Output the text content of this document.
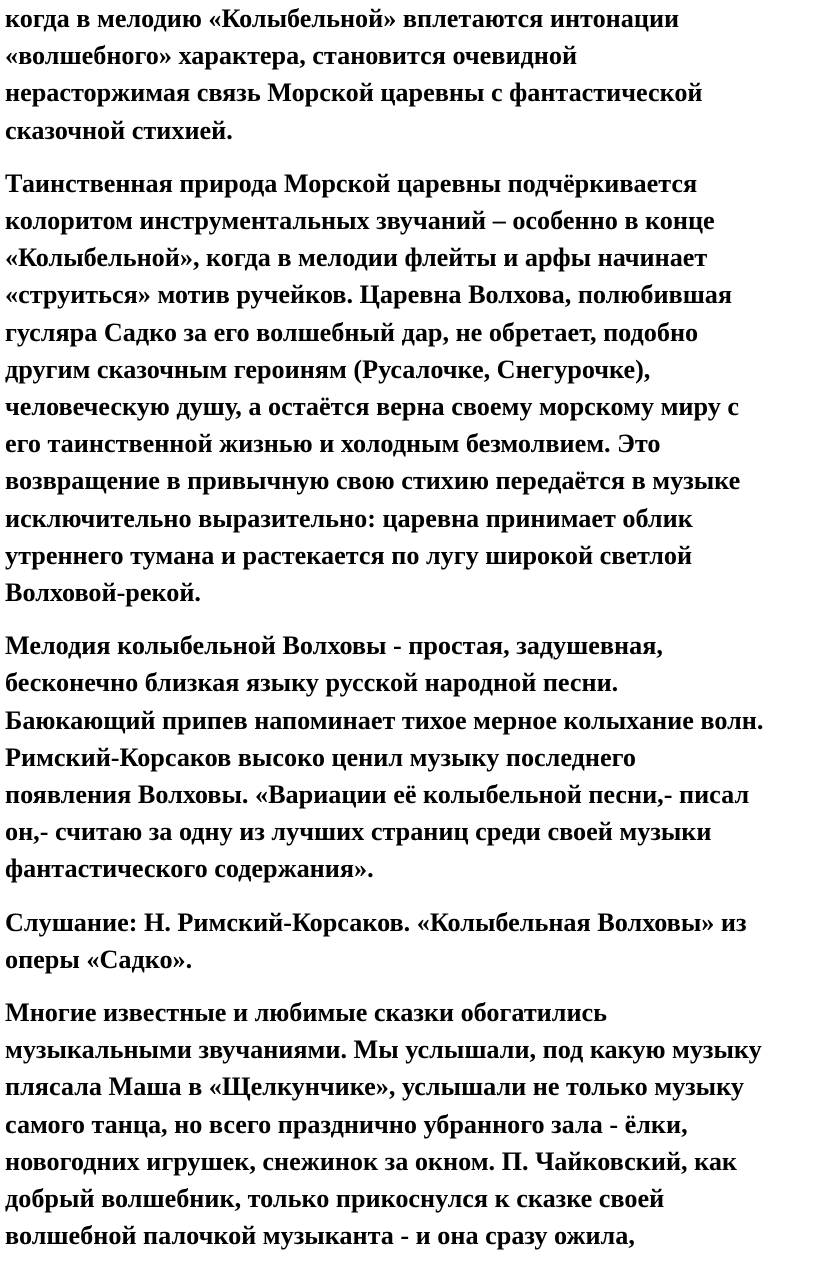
когда в мелодию «Колыбельной» вплетаются интонации
«волшебного» характера, становится очевидной
нерасторжимая связь Морской царевны с фантастической
сказочной стихией.
Таинственная природа Морской царевны подчёркивается
колоритом инструментальных звучаний – особенно в конце
«Колыбельной», когда в мелодии флейты и арфы начинает
«струиться» мотив ручейков. Царевна Волхова, полюбившая
гусляра Садко за его волшебный дар, не обретает, подобно
другим сказочным героиням (Русалочке, Снегурочке),
человеческую душу, а остаётся верна своему морскому миру с
его таинственной жизнью и холодным безмолвием. Это
возвращение в привычную свою стихию передаётся в музыке
исключительно выразительно: царевна принимает облик
утреннего тумана и растекается по лугу широкой светлой
Волховой-рекой.
Мелодия колыбельной Волховы - простая, задушевная,
бесконечно близкая языку русской народной песни.
Баюкающий припев напоминает тихое мерное колыхание волн.
Римский-Корсаков высоко ценил музыку последнего
появления Волховы. «Вариации её колыбельной песни,- писал
он,- считаю за одну из лучших страниц среди своей музыки
фантастического содержания».
Слушание: Н. Римский-Корсаков. «Колыбельная Волховы» из
оперы «Садко».
Многие известные и любимые сказки обогатились
музыкальными звучаниями. Мы услышали, под какую музыку
плясала Маша в «Щелкунчике», услышали не только музыку
самого танца, но всего празднично убранного зала - ёлки,
новогодних игрушек, снежинок за окном. П. Чайковский, как
добрый волшебник, только прикоснулся к сказке своей
волшебной палочкой музыканта - и она сразу ожила,
